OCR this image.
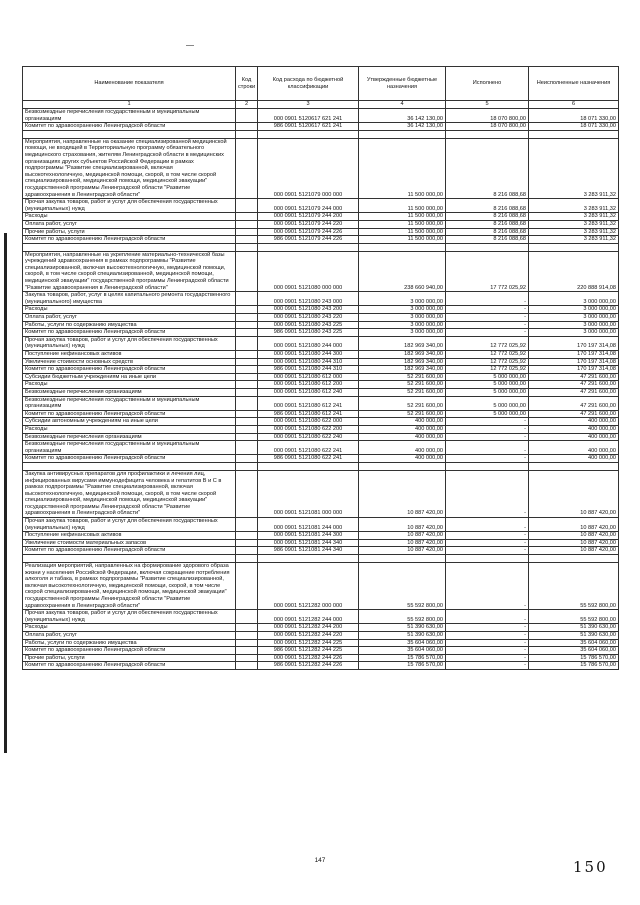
Наименование показателя	Код строки	Код расхода по бюджетной классификации	Утвержденные бюджетные назначения	Исполнено	Неисполненные назначения
1	2	3	4	5	6
Безвозмездные перечисления государственным и муниципальным организациям		000 0901 5120617 621 241	36 142 130,00	18 070 800,00	18 071 330,00
Комитет по здравоохранению Ленинградской области		986 0901 5120617 621 241	36 142 130,00	18 070 800,00	18 071 330,00

Мероприятия, направленные на оказание специализированной медицинской помощи, не входящей в Территориальную программу обязательного медицинского страхования, жителям Ленинградской области в медицинских организациях других субъектов Российской Федерации в рамках подпрограммы "Развитие специализированной, включая высокотехнологичную, медицинской помощи, скорой, в том числе скорой специализированной, медицинской помощи, медицинской эвакуации" государственной программы Ленинградской области "Развитие здравоохранения в Ленинградской области"		000 0901 5121079 000 000	11 500 000,00	8 216 088,68	3 283 911,32
Прочая закупка товаров, работ и услуг для обеспечения государственных (муниципальных) нужд		000 0901 5121079 244 000	11 500 000,00	8 216 088,68	3 283 911,32
Расходы		000 0901 5121079 244 200	11 500 000,00	8 216 088,68	3 283 911,32
Оплата работ, услуг		000 0901 5121079 244 220	11 500 000,00	8 216 088,68	3 283 911,32
Прочие работы, услуги		000 0901 5121079 244 226	11 500 000,00	8 216 088,68	3 283 911,32
Комитет по здравоохранению Ленинградской области		986 0901 5121079 244 226	11 500 000,00	8 216 088,68	3 283 911,32

Мероприятия, направленные на укрепление материально-технической базы учреждений здравоохранения в рамках подпрограммы "Развитие специализированной, включая высокотехнологичную, медицинской помощи, скорой, в том числе скорой специализированной, медицинской помощи, медицинской эвакуации" государственной программы Ленинградской области "Развитие здравоохранения в Ленинградской области"		000 0901 5121080 000 000	238 660 940,00	17 772 025,92	220 888 914,08
Закупка товаров, работ, услуг в целях капитального ремонта государственного (муниципального) имущества		000 0901 5121080 243 000	3 000 000,00	-	3 000 000,00
Расходы		000 0901 5121080 243 200	3 000 000,00	-	3 000 000,00
Оплата работ, услуг		000 0901 5121080 243 220	3 000 000,00	-	3 000 000,00
Работы, услуги по содержанию имущества		000 0901 5121080 243 225	3 000 000,00	-	3 000 000,00
Комитет по здравоохранению Ленинградской области		986 0901 5121080 243 225	3 000 000,00	-	3 000 000,00
Прочая закупка товаров, работ и услуг для обеспечения государственных (муниципальных) нужд		000 0901 5121080 244 000	182 969 340,00	12 772 025,92	170 197 314,08
Поступление нефинансовых активов		000 0901 5121080 244 300	182 969 340,00	12 772 025,92	170 197 314,08
Увеличение стоимости основных средств		000 0901 5121080 244 310	182 969 340,00	12 772 025,92	170 197 314,08
Комитет по здравоохранению Ленинградской области		986 0901 5121080 244 310	182 969 340,00	12 772 025,92	170 197 314,08
Субсидии бюджетным учреждениям на иные цели		000 0901 5121080 612 000	52 291 600,00	5 000 000,00	47 291 600,00
Расходы		000 0901 5121080 612 200	52 291 600,00	5 000 000,00	47 291 600,00
Безвозмездные перечисления организациям		000 0901 5121080 612 240	52 291 600,00	5 000 000,00	47 291 600,00
Безвозмездные перечисления государственным и муниципальным организациям		000 0901 5121080 612 241	52 291 600,00	5 000 000,00	47 291 600,00
Комитет по здравоохранению Ленинградской области		986 0901 5121080 612 241	52 291 600,00	5 000 000,00	47 291 600,00
Субсидии автономным учреждениям на иные цели		000 0901 5121080 622 000	400 000,00	-	400 000,00
Расходы		000 0901 5121080 622 200	400 000,00	-	400 000,00
Безвозмездные перечисления организациям		000 0901 5121080 622 240	400 000,00	-	400 000,00
Безвозмездные перечисления государственным и муниципальным организациям		000 0901 5121080 622 241	400 000,00	-	400 000,00
Комитет по здравоохранению Ленинградской области		986 0901 5121080 622 241	400 000,00	-	400 000,00

Закупка антивирусных препаратов для профилактики и лечения лиц, инфицированных вирусами иммунодефицита человека и гепатитов В и С в рамках подпрограммы "Развитие специализированной, включая высокотехнологичную, медицинской помощи, скорой, в том числе скорой специализированной, медицинской помощи, медицинской эвакуации" государственной программы Ленинградской области "Развитие здравоохранения в Ленинградской области"		000 0901 5121081 000 000	10 887 420,00	-	10 887 420,00
Прочая закупка товаров, работ и услуг для обеспечения государственных (муниципальных) нужд		000 0901 5121081 244 000	10 887 420,00	-	10 887 420,00
Поступление нефинансовых активов		000 0901 5121081 244 300	10 887 420,00	-	10 887 420,00
Увеличение стоимости материальных запасов		000 0901 5121081 244 340	10 887 420,00	-	10 887 420,00
Комитет по здравоохранению Ленинградской области		986 0901 5121081 244 340	10 887 420,00	-	10 887 420,00

Реализация мероприятий, направленных на формирование здорового образа жизни у населения Российской Федерации, включая сокращение потребления алкоголя и табака, в рамках подпрограммы "Развитие специализированной, включая высокотехнологичную, медицинской помощи, скорой, в том числе скорой специализированной, медицинской помощи, медицинской эвакуации" государственной программы Ленинградской области "Развитие здравоохранения в Ленинградской области"		000 0901 5121282 000 000	55 592 800,00	-	55 592 800,00
Прочая закупка товаров, работ и услуг для обеспечения государственных (муниципальных) нужд		000 0901 5121282 244 000	55 592 800,00	-	55 592 800,00
Расходы		000 0901 5121282 244 200	51 390 630,00	-	51 390 630,00
Оплата работ, услуг		000 0901 5121282 244 220	51 390 630,00	-	51 390 630,00
Работы, услуги по содержанию имущества		000 0901 5121282 244 225	35 604 060,00	-	35 604 060,00
Комитет по здравоохранению Ленинградской области		986 0901 5121282 244 225	35 604 060,00	-	35 604 060,00
Прочие работы, услуги		000 0901 5121282 244 226	15 786 570,00	-	15 786 570,00
Комитет по здравоохранению Ленинградской области		986 0901 5121282 244 226	15 786 570,00	-	15 786 570,00
147	150
